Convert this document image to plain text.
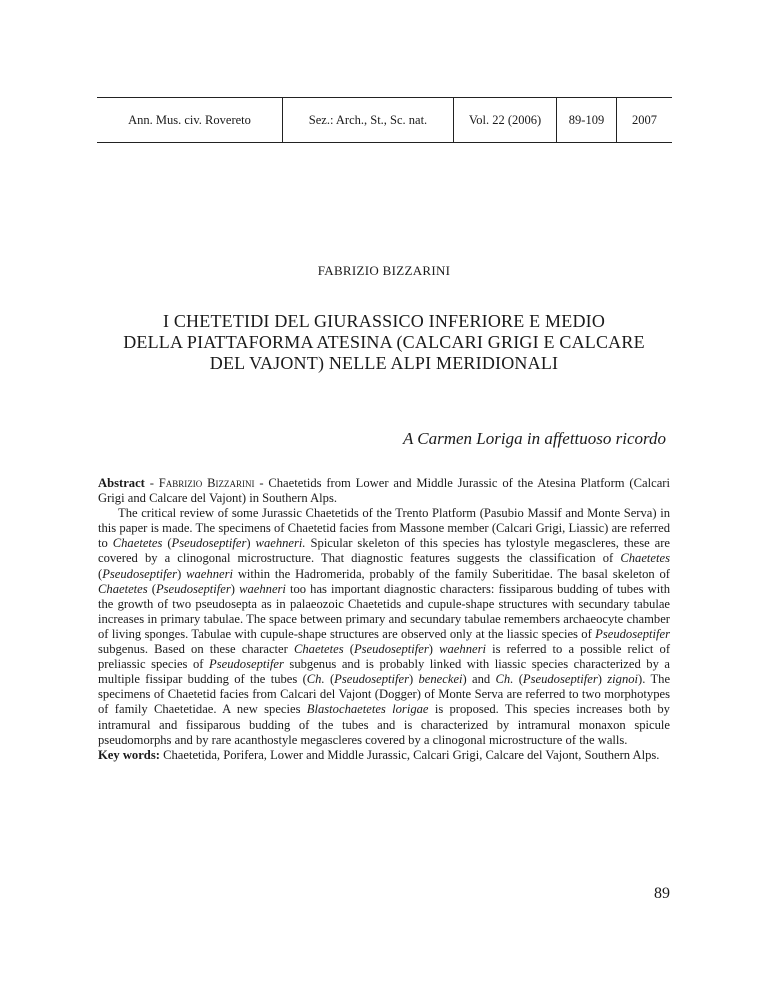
Ann. Mus. civ. Rovereto	Sez.: Arch., St., Sc. nat.	Vol. 22 (2006)	89-109	2007
FABRIZIO BIZZARINI
I CHETETIDI DEL GIURASSICO INFERIORE E MEDIO
DELLA PIATTAFORMA ATESINA (CALCARI GRIGI E CALCARE
DEL VAJONT) NELLE ALPI MERIDIONALI
A Carmen Loriga in affettuoso ricordo

Abstract - Fabrizio Bizzarini - Chaetetids from Lower and Middle Jurassic of the Atesina Platform (Calcari Grigi and Calcare del Vajont) in Southern Alps.

The critical review of some Jurassic Chaetetids of the Trento Platform (Pasubio Massif and Monte Serva) in this paper is made. The specimens of Chaetetid facies from Massone member (Calcari Grigi, Liassic) are referred to Chaetetes (Pseudoseptifer) waehneri. Spicular skeleton of this species has tylostyle megascleres, these are covered by a clinogonal microstructure. That diagnostic features suggests the classification of Chaetetes (Pseudoseptifer) waehneri within the Hadromerida, probably of the family Suberitidae. The basal skeleton of Chaetetes (Pseudoseptifer) waehneri too has important diagnostic characters: fissiparous budding of tubes with the growth of two pseudosepta as in palaeozoic Chaetetids and cupule-shape structures with secundary tabulae increases in primary tabulae. The space between primary and secundary tabulae remembers archaeocyte chamber of living sponges. Tabulae with cupule-shape structures are observed only at the liassic species of Pseudoseptifer subgenus. Based on these character Chaetetes (Pseudoseptifer) waehneri is referred to a possible relict of preliassic species of Pseudoseptifer subgenus and is probably linked with liassic species characterized by a multiple fissipar budding of the tubes (Ch. (Pseudoseptifer) beneckei) and Ch. (Pseudoseptifer) zignoi). The specimens of Chaetetid facies from Calcari del Vajont (Dogger) of Monte Serva are referred to two morphotypes of family Chaetetidae. A new species Blastochaetetes lorigae is proposed. This species increases both by intramural and fissiparous budding of the tubes and is characterized by intramural monaxon spicule pseudomorphs and by rare acanthostyle megascleres covered by a clinogonal microstructure of the walls.

Key words: Chaetetida, Porifera, Lower and Middle Jurassic, Calcari Grigi, Calcare del Vajont, Southern Alps.

89
